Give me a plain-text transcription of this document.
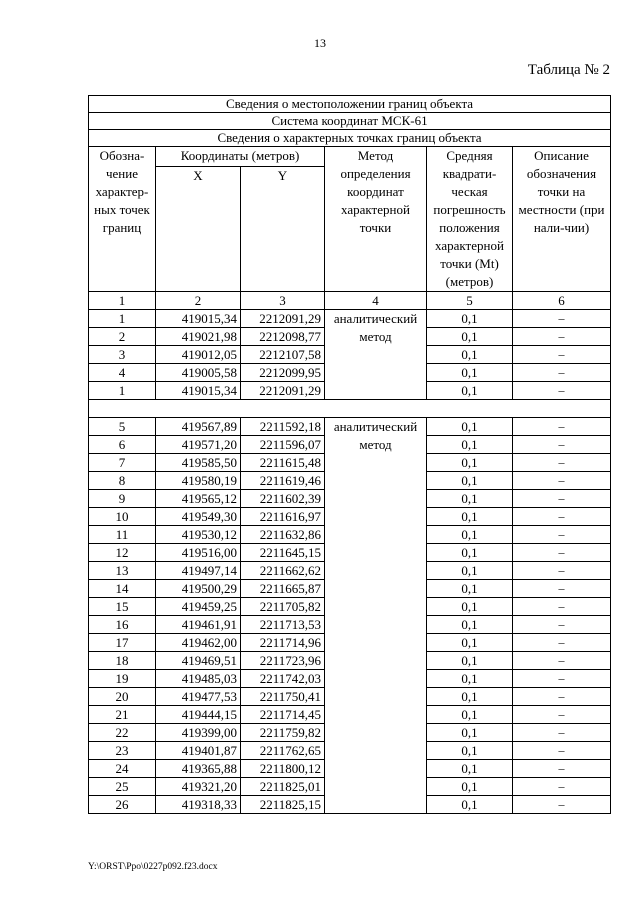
13
Таблица № 2
Сведения о местоположении границ объекта					
Система координат МСК-61					
Сведения о характерных точках границ объекта					
Обозна-чение характер-ных точек границ	Координаты (метров)		Метод определения координат характерной точки	Средняя квадрати-ческая погрешность положения характерной точки (Mt) (метров)	Описание обозначения точки на местности (при нали-чии)
	X	Y			
1	2	3	4	5	6
1	419015,34	2212091,29	аналитический метод	0,1	–
2	419021,98	2212098,77		0,1	–
3	419012,05	2212107,58		0,1	–
4	419005,58	2212099,95		0,1	–
1	419015,34	2212091,29		0,1	–

5	419567,89	2211592,18	аналитический метод	0,1	–
6	419571,20	2211596,07		0,1	–
7	419585,50	2211615,48		0,1	–
8	419580,19	2211619,46		0,1	–
9	419565,12	2211602,39		0,1	–
10	419549,30	2211616,97		0,1	–
11	419530,12	2211632,86		0,1	–
12	419516,00	2211645,15		0,1	–
13	419497,14	2211662,62		0,1	–
14	419500,29	2211665,87		0,1	–
15	419459,25	2211705,82		0,1	–
16	419461,91	2211713,53		0,1	–
17	419462,00	2211714,96		0,1	–
18	419469,51	2211723,96		0,1	–
19	419485,03	2211742,03		0,1	–
20	419477,53	2211750,41		0,1	–
21	419444,15	2211714,45		0,1	–
22	419399,00	2211759,82		0,1	–
23	419401,87	2211762,65		0,1	–
24	419365,88	2211800,12		0,1	–
25	419321,20	2211825,01		0,1	–
26	419318,33	2211825,15		0,1	–
Y:\ORST\Ppo\0227p092.f23.docx
